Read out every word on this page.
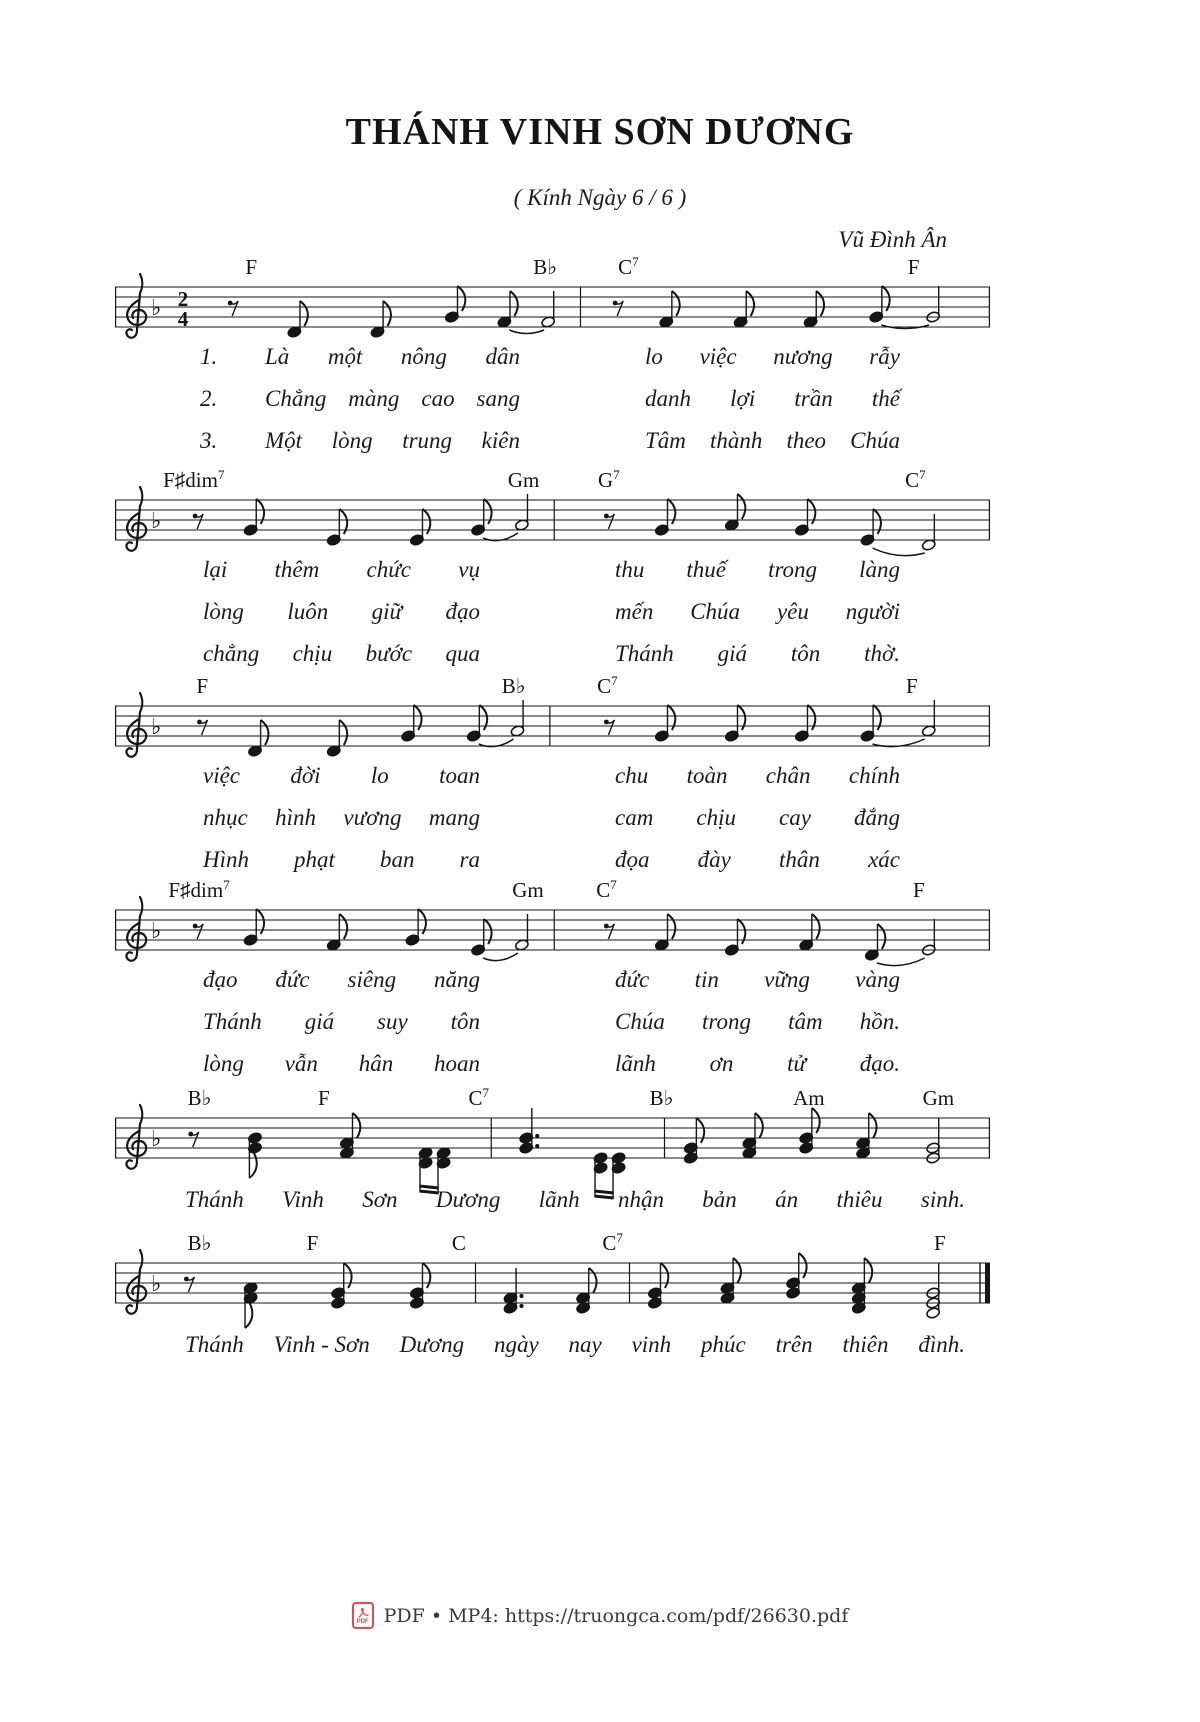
THÁNH VINH SƠN DƯƠNG
( Kính Ngày 6 / 6 )
Vũ Đình Ân
F	B♭	$C^7$	F
♭ 2
4
1. Là một nông dân	lo việc nương rẫy
2. Chẳng màng cao sang	danh lợi trần thế
3. Một lòng trung kiên	Tâm thành theo Chúa
F♯dim$^7$	Gm	$G^7$	$C^7$
♭
lại thêm chức vụ	thu thuế trong làng
lòng luôn giữ đạo	mến Chúa yêu người
chẳng chịu bước qua	Thánh giá tôn thờ.
F	B♭	$C^7$	F
♭
việc đời lo toan	chu toàn chân chính
nhục hình vương mang	cam chịu cay đắng
Hình phạt ban ra	đọa đày thân xác
F♯dim$^7$	Gm	$C^7$	F
♭
đạo đức siêng năng	đức tin vững vàng
Thánh giá suy tôn	Chúa trong tâm hồn.
lòng vẫn hân hoan	lãnh ơn tử đạo.
B♭	F	$C^7$	B♭	Am	Gm
♭
Thánh Vinh Sơn Dương lãnh nhận bản án thiêu sinh.
B♭	F	C	$C^7$	F
♭
Thánh Vinh - Sơn Dương ngày nay vinh phúc trên thiên đình.
PDF PDF • MP4: https://truongca.com/pdf/26630.pdf
